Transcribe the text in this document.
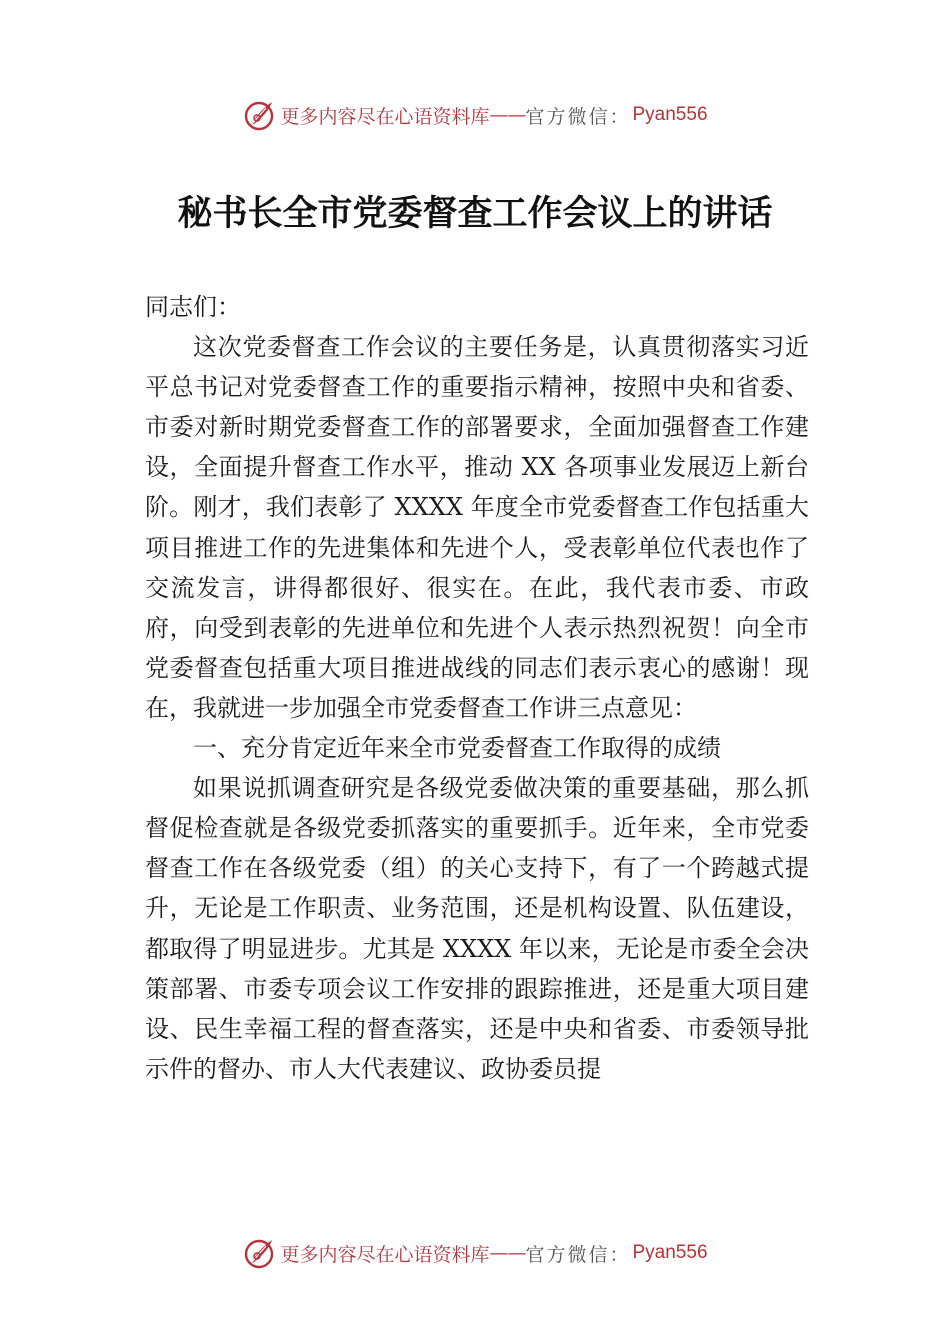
更多内容尽在心语资料库 —— 官方微信： Pyan556
秘书长全市党委督查工作会议上的讲话

同志们：

这次党委督查工作会议的主要任务是，认真贯彻落实习近平总书记对党委督查工作的重要指示精神，按照中央和省委、市委对新时期党委督查工作的部署要求，全面加强督查工作建设，全面提升督查工作水平，推动 XX 各项事业发展迈上新台阶。刚才，我们表彰了 XXXX 年度全市党委督查工作包括重大项目推进工作的先进集体和先进个人，受表彰单位代表也作了交流发言，讲得都很好、很实在。在此，我代表市委、市政府，向受到表彰的先进单位和先进个人表示热烈祝贺！向全市党委督查包括重大项目推进战线的同志们表示衷心的感谢！现在，我就进一步加强全市党委督查工作讲三点意见：

一、充分肯定近年来全市党委督查工作取得的成绩

如果说抓调查研究是各级党委做决策的重要基础，那么抓督促检查就是各级党委抓落实的重要抓手。近年来，全市党委督查工作在各级党委（组）的关心支持下，有了一个跨越式提升，无论是工作职责、业务范围，还是机构设置、队伍建设，都取得了明显进步。尤其是 XXXX 年以来，无论是市委全会决策部署、市委专项会议工作安排的跟踪推进，还是重大项目建设、民生幸福工程的督查落实，还是中央和省委、市委领导批示件的督办、市人大代表建议、政协委员提

更多内容尽在心语资料库 —— 官方微信： Pyan556
